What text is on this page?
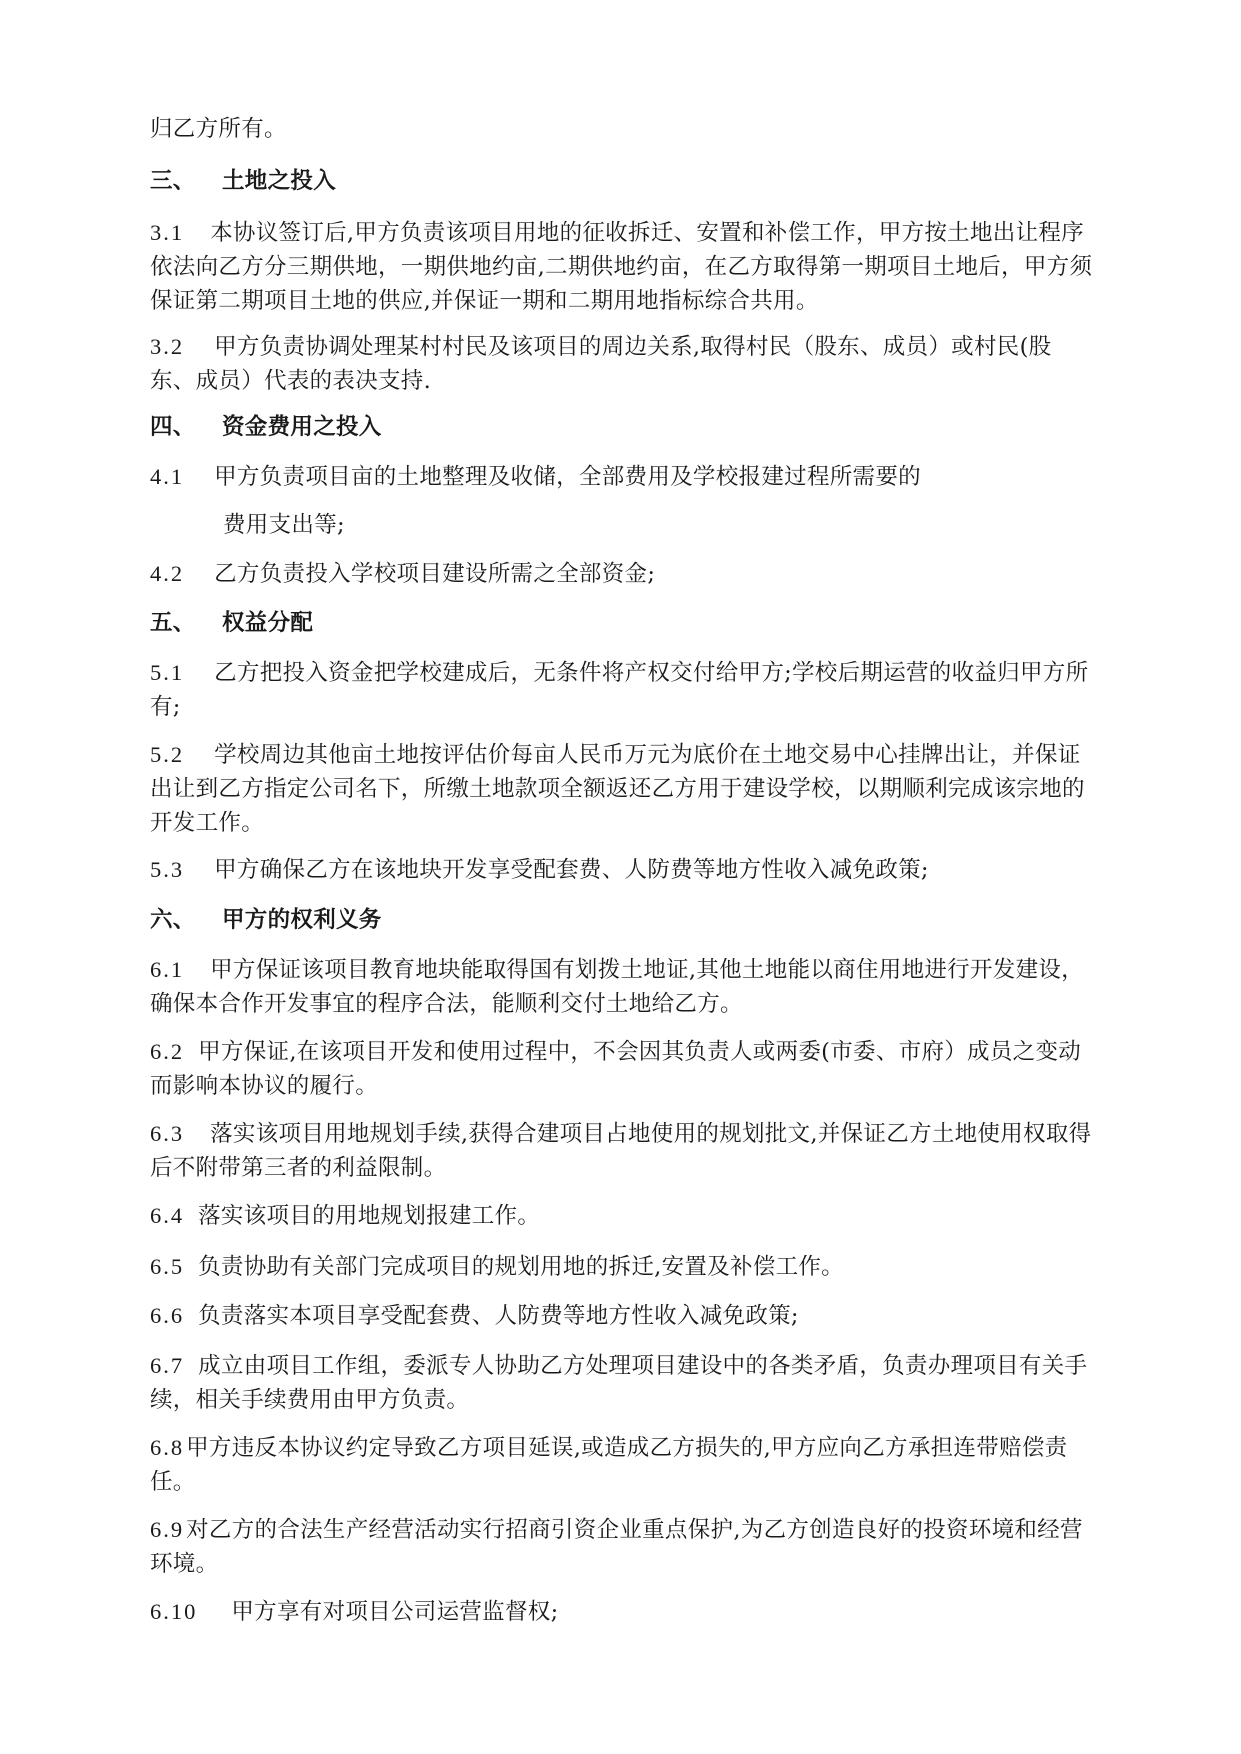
归乙方所有。

三、 土地之投入

3.1 本协议签订后,甲方负责该项目用地的征收拆迁、安置和补偿工作，甲方按土地出让程序依法向乙方分三期供地，一期供地约亩,二期供地约亩，在乙方取得第一期项目土地后，甲方须保证第二期项目土地的供应,并保证一期和二期用地指标综合共用。

3.2 甲方负责协调处理某村村民及该项目的周边关系,取得村民（股东、成员）或村民(股东、成员）代表的表决支持.

四、 资金费用之投入

4.1 甲方负责项目亩的土地整理及收储，全部费用及学校报建过程所需要的

费用支出等;

4.2 乙方负责投入学校项目建设所需之全部资金;

五、 权益分配

5.1 乙方把投入资金把学校建成后，无条件将产权交付给甲方;学校后期运营的收益归甲方所有;

5.2 学校周边其他亩土地按评估价每亩人民币万元为底价在土地交易中心挂牌出让，并保证出让到乙方指定公司名下，所缴土地款项全额返还乙方用于建设学校，以期顺利完成该宗地的开发工作。

5.3 甲方确保乙方在该地块开发享受配套费、人防费等地方性收入减免政策;

六、 甲方的权利义务

6.1 甲方保证该项目教育地块能取得国有划拨土地证,其他土地能以商住用地进行开发建设，确保本合作开发事宜的程序合法，能顺利交付土地给乙方。

6.2 甲方保证,在该项目开发和使用过程中，不会因其负责人或两委(市委、市府）成员之变动而影响本协议的履行。

6.3 落实该项目用地规划手续,获得合建项目占地使用的规划批文,并保证乙方土地使用权取得后不附带第三者的利益限制。

6.4 落实该项目的用地规划报建工作。

6.5 负责协助有关部门完成项目的规划用地的拆迁,安置及补偿工作。

6.6 负责落实本项目享受配套费、人防费等地方性收入减免政策;

6.7 成立由项目工作组，委派专人协助乙方处理项目建设中的各类矛盾，负责办理项目有关手续，相关手续费用由甲方负责。

6.8甲方违反本协议约定导致乙方项目延误,或造成乙方损失的,甲方应向乙方承担连带赔偿责任。

6.9对乙方的合法生产经营活动实行招商引资企业重点保护,为乙方创造良好的投资环境和经营环境。

6.10 甲方享有对项目公司运营监督权;
